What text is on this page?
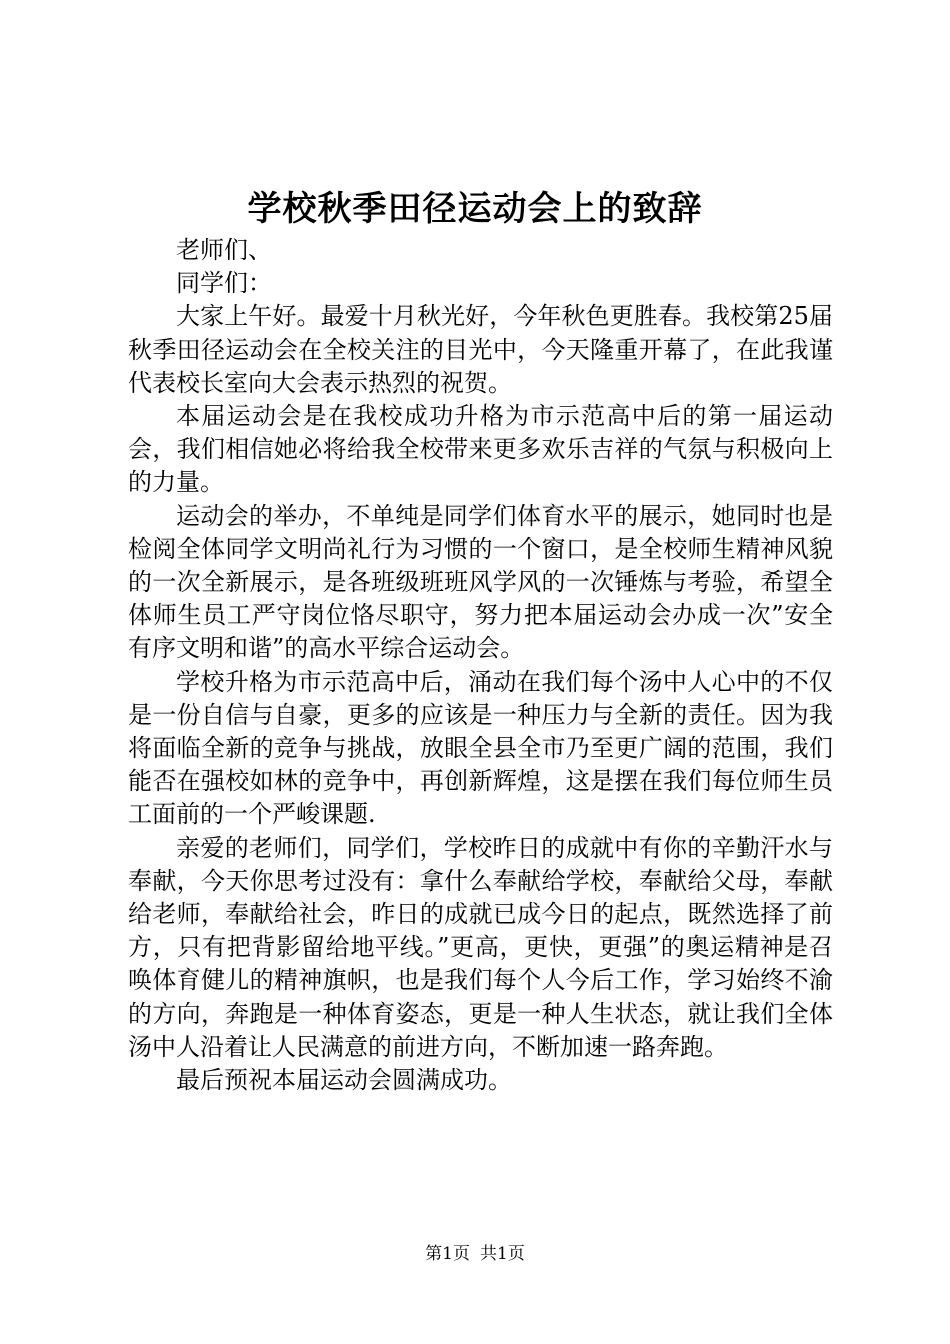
学校秋季田径运动会上的致辞

老师们、

同学们：

大家上午好。最爱十月秋光好，今年秋色更胜春。我校第25届秋季田径运动会在全校关注的目光中，今天隆重开幕了，在此我谨代表校长室向大会表示热烈的祝贺。

本届运动会是在我校成功升格为市示范高中后的第一届运动会，我们相信她必将给我全校带来更多欢乐吉祥的气氛与积极向上的力量。

运动会的举办，不单纯是同学们体育水平的展示，她同时也是检阅全体同学文明尚礼行为习惯的一个窗口，是全校师生精神风貌的一次全新展示，是各班级班班风学风的一次锤炼与考验，希望全体师生员工严守岗位恪尽职守，努力把本届运动会办成一次”安全有序文明和谐”的高水平综合运动会。

学校升格为市示范高中后，涌动在我们每个汤中人心中的不仅是一份自信与自豪，更多的应该是一种压力与全新的责任。因为我将面临全新的竞争与挑战，放眼全县全市乃至更广阔的范围，我们能否在强校如林的竞争中，再创新辉煌，这是摆在我们每位师生员工面前的一个严峻课题.

亲爱的老师们，同学们，学校昨日的成就中有你的辛勤汗水与奉献，今天你思考过没有：拿什么奉献给学校，奉献给父母，奉献给老师，奉献给社会，昨日的成就已成今日的起点，既然选择了前方，只有把背影留给地平线。”更高，更快，更强”的奥运精神是召唤体育健儿的精神旗帜，也是我们每个人今后工作，学习始终不渝的方向，奔跑是一种体育姿态，更是一种人生状态，就让我们全体汤中人沿着让人民满意的前进方向，不断加速一路奔跑。

最后预祝本届运动会圆满成功。

第1页 共1页
